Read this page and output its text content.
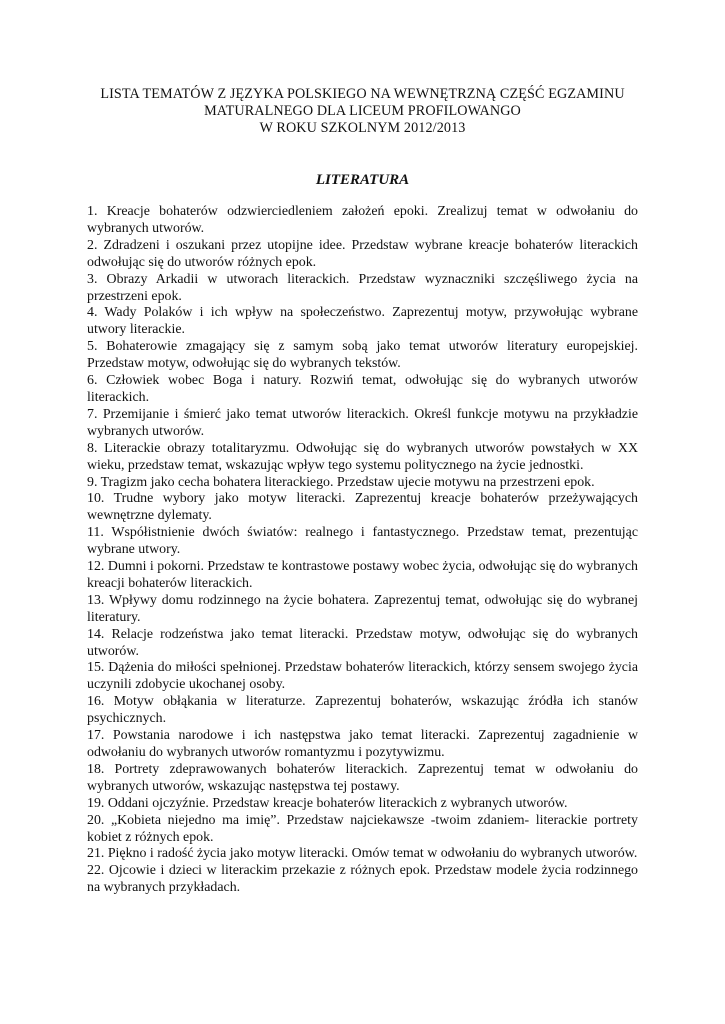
LISTA TEMATÓW Z JĘZYKA POLSKIEGO NA WEWNĘTRZNĄ CZĘŚĆ EGZAMINU
MATURALNEGO DLA LICEUM PROFILOWANGO
W ROKU SZKOLNYM 2012/2013
LITERATURA

1. Kreacje bohaterów odzwierciedleniem założeń epoki. Zrealizuj temat w odwołaniu do wybranych utworów.

2. Zdradzeni i oszukani przez utopijne idee. Przedstaw wybrane kreacje bohaterów literackich odwołując się do utworów różnych epok.

3. Obrazy Arkadii w utworach literackich. Przedstaw wyznaczniki szczęśliwego życia na przestrzeni epok.

4. Wady Polaków i ich wpływ na społeczeństwo. Zaprezentuj motyw, przywołując wybrane utwory literackie.

5. Bohaterowie zmagający się z samym sobą jako temat utworów literatury europejskiej. Przedstaw motyw, odwołując się do wybranych tekstów.

6. Człowiek wobec Boga i natury. Rozwiń temat, odwołując się do wybranych utworów literackich.

7. Przemijanie i śmierć jako temat utworów literackich. Określ funkcje motywu na przykładzie wybranych utworów.

8. Literackie obrazy totalitaryzmu. Odwołując się do wybranych utworów powstałych w XX wieku, przedstaw temat, wskazując wpływ tego systemu politycznego na życie jednostki.

9. Tragizm jako cecha bohatera literackiego. Przedstaw ujecie motywu na przestrzeni epok.

10. Trudne wybory jako motyw literacki. Zaprezentuj kreacje bohaterów przeżywających wewnętrzne dylematy.

11. Współistnienie dwóch światów: realnego i fantastycznego. Przedstaw temat, prezentując wybrane utwory.

12. Dumni i pokorni. Przedstaw te kontrastowe postawy wobec życia, odwołując się do wybranych kreacji bohaterów literackich.

13. Wpływy domu rodzinnego na życie bohatera. Zaprezentuj temat, odwołując się do wybranej literatury.

14. Relacje rodzeństwa jako temat literacki. Przedstaw motyw, odwołując się do wybranych utworów.

15. Dążenia do miłości spełnionej. Przedstaw bohaterów literackich, którzy sensem swojego życia uczynili zdobycie ukochanej osoby.

16. Motyw obłąkania w literaturze. Zaprezentuj bohaterów, wskazując źródła ich stanów psychicznych.

17. Powstania narodowe i ich następstwa jako temat literacki. Zaprezentuj zagadnienie w odwołaniu do wybranych utworów romantyzmu i pozytywizmu.

18. Portrety zdeprawowanych bohaterów literackich. Zaprezentuj temat w odwołaniu do wybranych utworów, wskazując następstwa tej postawy.

19. Oddani ojczyźnie. Przedstaw kreacje bohaterów literackich z wybranych utworów.

20. „Kobieta niejedno ma imię”. Przedstaw najciekawsze -twoim zdaniem- literackie portrety kobiet z różnych epok.

21. Piękno i radość życia jako motyw literacki. Omów temat w odwołaniu do wybranych utworów.

22. Ojcowie i dzieci w literackim przekazie z różnych epok. Przedstaw modele życia rodzinnego na wybranych przykładach.
